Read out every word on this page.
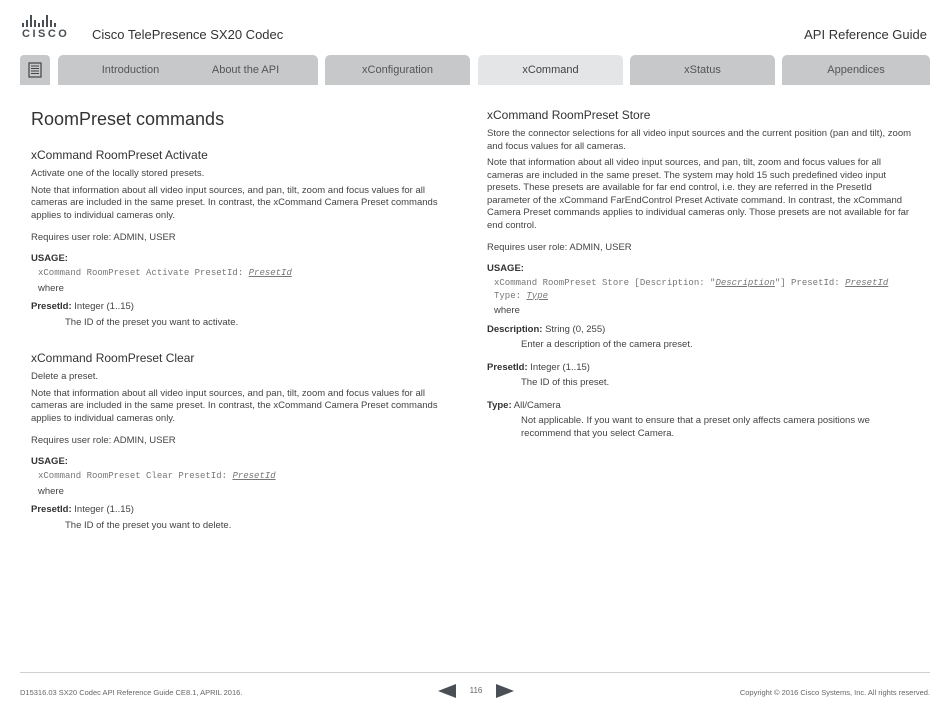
CISCO Cisco TelePresence SX20 Codec	API Reference Guide
Introduction	About the API	xConfiguration	xCommand	xStatus	Appendices
RoomPreset commands
xCommand RoomPreset Activate

Activate one of the locally stored presets.

Note that information about all video input sources, and pan, tilt, zoom and focus values for all cameras are included in the same preset. In contrast, the xCommand Camera Preset commands applies to individual cameras only.

Requires user role: ADMIN, USER

USAGE:
xCommand RoomPreset Activate PresetId: PresetId
where
PresetId: Integer (1..15)
The ID of the preset you want to activate.
xCommand RoomPreset Clear

Delete a preset.

Note that information about all video input sources, and pan, tilt, zoom and focus values for all cameras are included in the same preset. In contrast, the xCommand Camera Preset commands applies to individual cameras only.

Requires user role: ADMIN, USER

USAGE:
xCommand RoomPreset Clear PresetId: PresetId
where
PresetId: Integer (1..15)
The ID of the preset you want to delete.
xCommand RoomPreset Store

Store the connector selections for all video input sources and the current position (pan and tilt), zoom and focus values for all cameras.

Note that information about all video input sources, and pan, tilt, zoom and focus values for all cameras are included in the same preset. The system may hold 15 such predefined video input presets. These presets are available for far end control, i.e. they are referred in the PresetId parameter of the xCommand FarEndControl Preset Activate command. In contrast, the xCommand Camera Preset commands applies to individual cameras only. Those presets are not available for far end control.

Requires user role: ADMIN, USER

USAGE:
xCommand RoomPreset Store [Description: "Description"] PresetId: PresetId Type: Type
where
Description: String (0, 255)
Enter a description of the camera preset.
PresetId: Integer (1..15)
The ID of this preset.
Type: All/Camera
Not applicable. If you want to ensure that a preset only affects camera positions we recommend that you select Camera.
D15316.03 SX20 Codec API Reference Guide CE8.1, APRIL 2016.	116	Copyright © 2016 Cisco Systems, Inc. All rights reserved.
